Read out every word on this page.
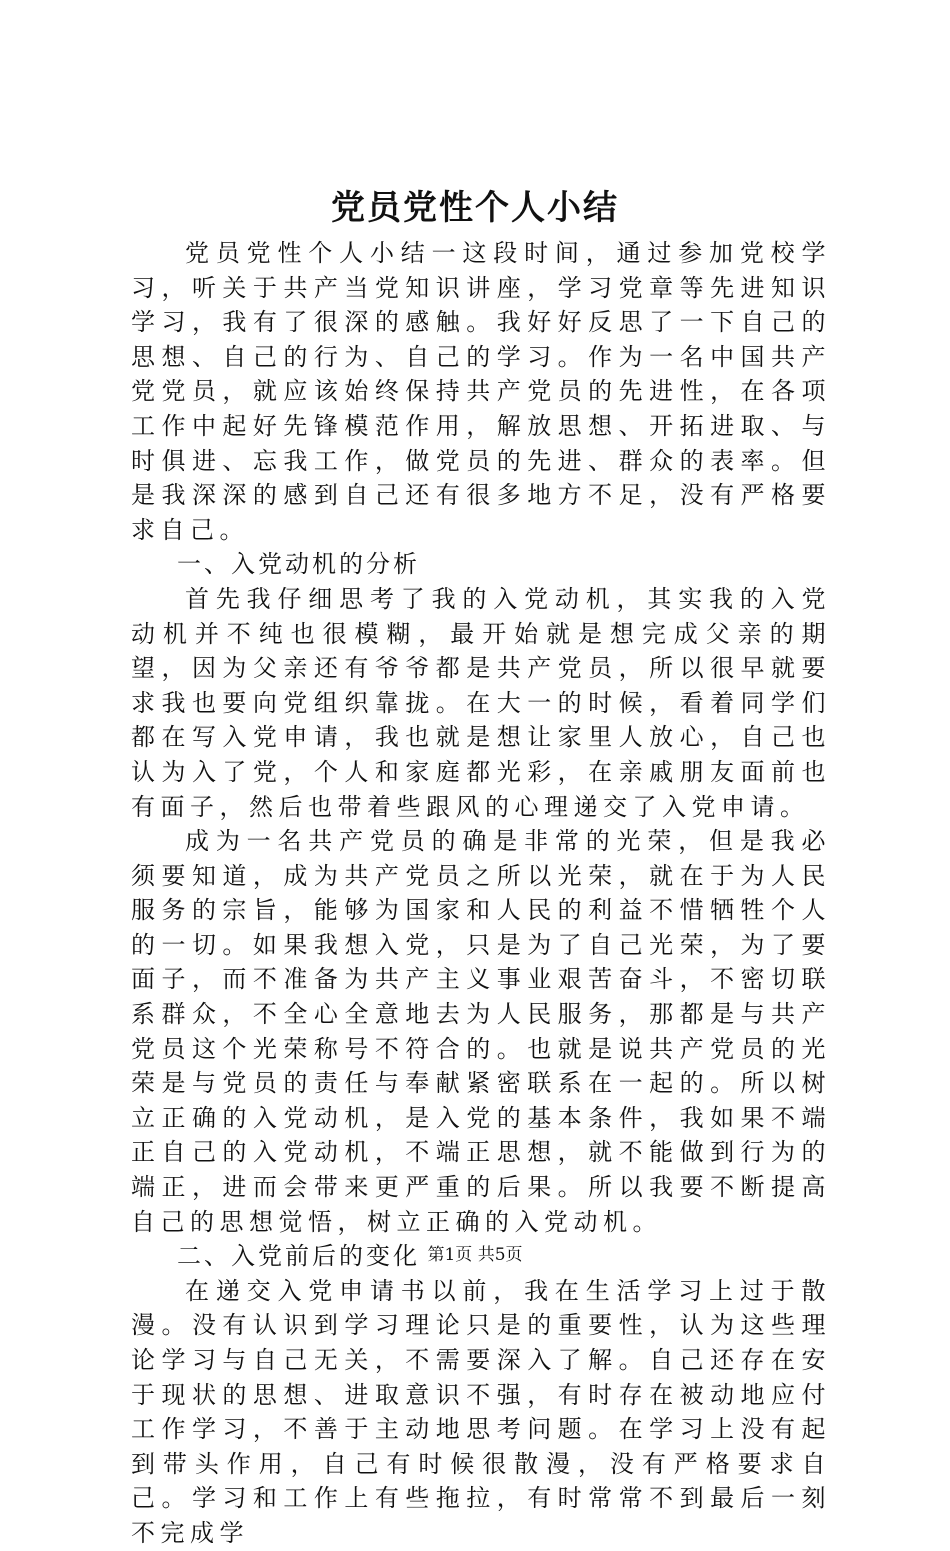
党员党性个人小结

党员党性个人小结一这段时间，通过参加党校学习，听关于共产当党知识讲座，学习党章等先进知识学习，我有了很深的感触。我好好反思了一下自己的思想、自己的行为、自己的学习。作为一名中国共产党党员，就应该始终保持共产党员的先进性，在各项工作中起好先锋模范作用，解放思想、开拓进取、与时俱进、忘我工作，做党员的先进、群众的表率。但是我深深的感到自己还有很多地方不足，没有严格要求自己。

一、入党动机的分析

首先我仔细思考了我的入党动机，其实我的入党动机并不纯也很模糊，最开始就是想完成父亲的期望，因为父亲还有爷爷都是共产党员，所以很早就要求我也要向党组织靠拢。在大一的时候，看着同学们都在写入党申请，我也就是想让家里人放心，自己也认为入了党，个人和家庭都光彩，在亲戚朋友面前也有面子，然后也带着些跟风的心理递交了入党申请。

成为一名共产党员的确是非常的光荣，但是我必须要知道，成为共产党员之所以光荣，就在于为人民服务的宗旨，能够为国家和人民的利益不惜牺牲个人的一切。如果我想入党，只是为了自己光荣，为了要面子，而不准备为共产主义事业艰苦奋斗，不密切联系群众，不全心全意地去为人民服务，那都是与共产党员这个光荣称号不符合的。也就是说共产党员的光荣是与党员的责任与奉献紧密联系在一起的。所以树立正确的入党动机，是入党的基本条件，我如果不端正自己的入党动机，不端正思想，就不能做到行为的端正，进而会带来更严重的后果。所以我要不断提高自己的思想觉悟，树立正确的入党动机。

二、入党前后的变化

在递交入党申请书以前，我在生活学习上过于散漫。没有认识到学习理论只是的重要性，认为这些理论学习与自己无关，不需要深入了解。自己还存在安于现状的思想、进取意识不强，有时存在被动地应付工作学习，不善于主动地思考问题。在学习上没有起到带头作用，自己有时候很散漫，没有严格要求自己。学习和工作上有些拖拉，有时常常不到最后一刻不完成学

第1页 共5页
